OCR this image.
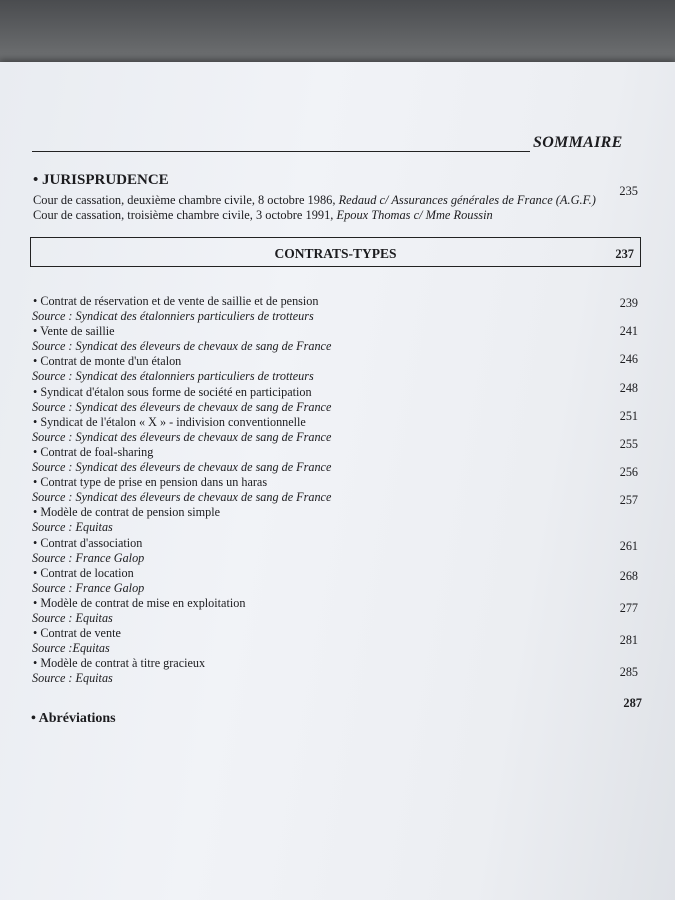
SOMMAIRE
• JURISPRUDENCE
235
Cour de cassation, deuxième chambre civile, 8 octobre 1986, Redaud c/ Assurances générales de France (A.G.F.)
Cour de cassation, troisième chambre civile, 3 octobre 1991, Epoux Thomas c/ Mme Roussin
CONTRATS-TYPES	237
• Contrat de réservation et de vente de saillie et de pension
Source : Syndicat des étalonniers particuliers de trotteurs
239
• Vente de saillie
Source : Syndicat des éleveurs de chevaux de sang de France
241
• Contrat de monte d'un étalon
Source : Syndicat des étalonniers particuliers de trotteurs
246
• Syndicat d'étalon sous forme de société en participation
Source : Syndicat des éleveurs de chevaux de sang de France
248
• Syndicat de l'étalon « X » - indivision conventionnelle
Source : Syndicat des éleveurs de chevaux de sang de France
251
• Contrat de foal-sharing
Source : Syndicat des éleveurs de chevaux de sang de France
255
• Contrat type de prise en pension dans un haras
Source : Syndicat des éleveurs de chevaux de sang de France
256
• Modèle de contrat de pension simple
Source : Equitas
257
• Contrat d'association
Source : France Galop
261
• Contrat de location
Source : France Galop
268
• Modèle de contrat de mise en exploitation
Source : Equitas
277
• Contrat de vente
Source :Equitas
281
• Modèle de contrat à titre gracieux
Source : Equitas	285
287
• Abréviations
